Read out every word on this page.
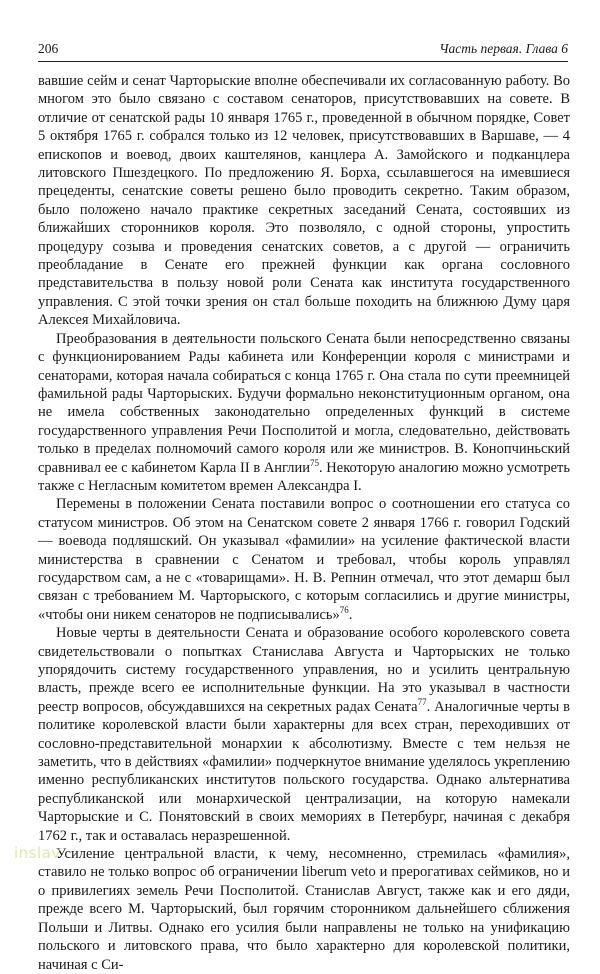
206	Часть первая. Глава 6

вавшие сейм и сенат Чарторыские вполне обеспечивали их согласованную работу. Во многом это было связано с составом сенаторов, присутствовавших на совете. В отличие от сенатской рады 10 января 1765 г., проведенной в обычном порядке, Совет 5 октября 1765 г. собрался только из 12 человек, присутствовавших в Варшаве, — 4 епископов и воевод, двоих каштелянов, канцлера А. Замойского и подканцлера литовского Пшездецкого. По предложению Я. Борха, ссылавшегося на имевшиеся прецеденты, сенатские советы решено было проводить секретно. Таким образом, было положено начало практике секретных заседаний Сената, состоявших из ближайших сторонников короля. Это позволяло, с одной стороны, упростить процедуру созыва и проведения сенатских советов, а с другой — ограничить преобладание в Сенате его прежней функции как органа сословного представительства в пользу новой роли Сената как института государственного управления. С этой точки зрения он стал больше походить на ближнюю Думу царя Алексея Михайловича.

Преобразования в деятельности польского Сената были непосредственно связаны с функционированием Рады кабинета или Конференции короля с министрами и сенаторами, которая начала собираться с конца 1765 г. Она стала по сути преемницей фамильной рады Чарторыских. Будучи формально неконституционным органом, она не имела собственных законодательно определенных функций в системе государственного управления Речи Посполитой и могла, следовательно, действовать только в пределах полномочий самого короля или же министров. В. Конопчиньский сравнивал ее с кабинетом Карла II в Англии$^{75}$. Некоторую аналогию можно усмотреть также с Негласным комитетом времен Александра I.

Перемены в положении Сената поставили вопрос о соотношении его статуса со статусом министров. Об этом на Сенатском совете 2 января 1766 г. говорил Годский — воевода подляшский. Он указывал «фамилии» на усиление фактической власти министерства в сравнении с Сенатом и требовал, чтобы король управлял государством сам, а не с «товарищами». Н. В. Репнин отмечал, что этот демарш был связан с требованием М. Чарторыского, с которым согласились и другие министры, «чтобы они никем сенаторов не подписывались»$^{76}$.

Новые черты в деятельности Сената и образование особого королевского совета свидетельствовали о попытках Станислава Августа и Чарторыских не только упорядочить систему государственного управления, но и усилить центральную власть, прежде всего ее исполнительные функции. На это указывал в частности реестр вопросов, обсуждавшихся на секретных радах Сената$^{77}$. Аналогичные черты в политике королевской власти были характерны для всех стран, переходивших от сословно-представительной монархии к абсолютизму. Вместе с тем нельзя не заметить, что в действиях «фамилии» подчеркнутое внимание уделялось укреплению именно республиканских институтов польского государства. Однако альтернатива республиканской или монархической централизации, на которую намекали Чарторыские и С. Понятовский в своих мемориях в Петербург, начиная с декабря 1762 г., так и оставалась неразрешенной.

Усиление центральной власти, к чему, несомненно, стремилась «фамилия», ставило не только вопрос об ограничении liberum veto и прерогативах сеймиков, но и о привилегиях земель Речи Посполитой. Станислав Август, также как и его дяди, прежде всего М. Чарторыский, был горячим сторонником дальнейшего сближения Польши и Литвы. Однако его усилия были направлены не только на унификацию польского и литовского права, что было характерно для королевской политики, начиная с Си-

inslav
